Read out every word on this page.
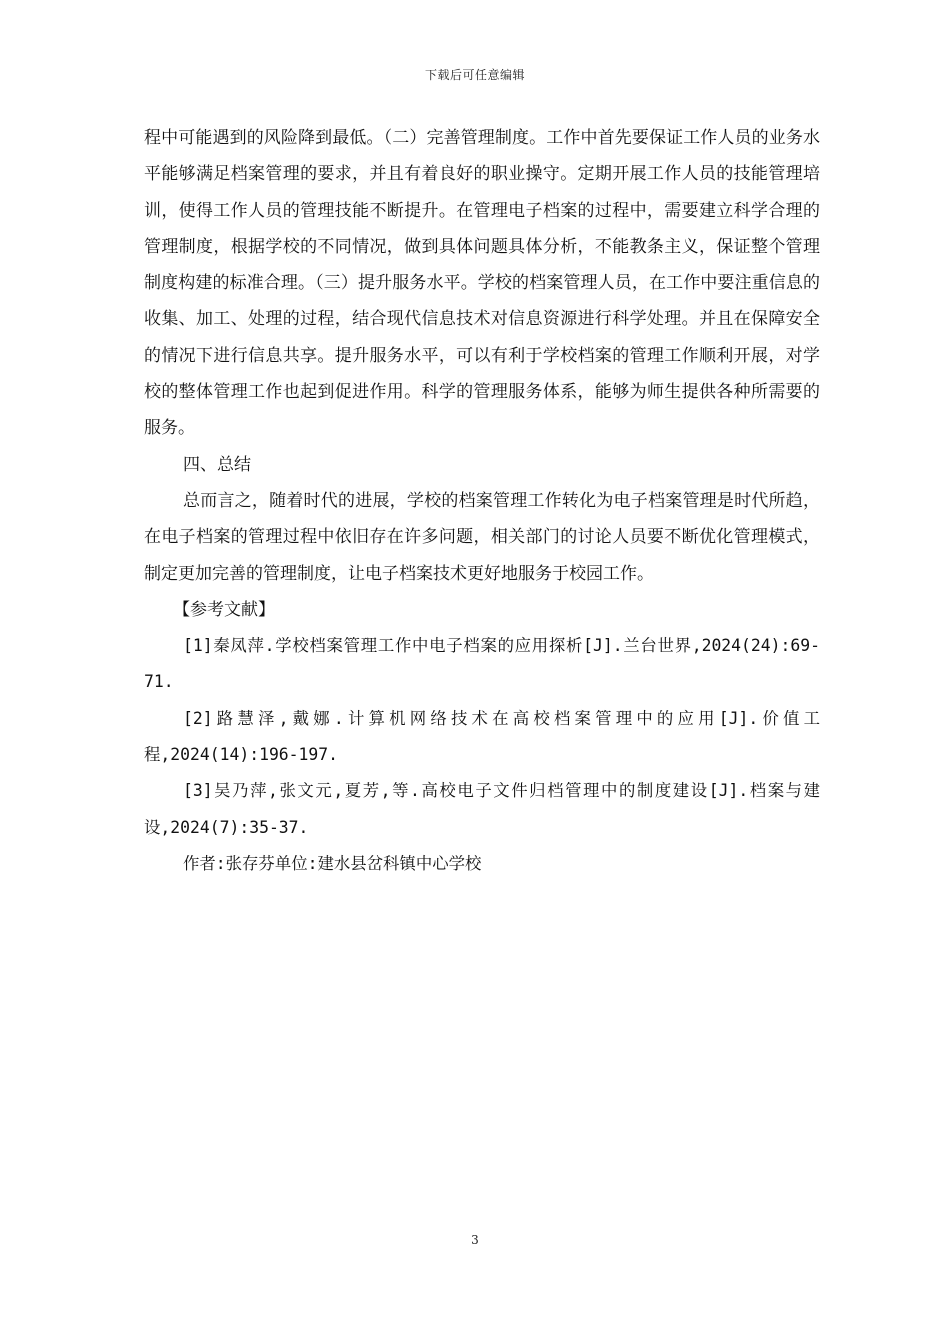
下载后可任意编辑

程中可能遇到的风险降到最低。（二）完善管理制度。工作中首先要保证工作人员的业务水平能够满足档案管理的要求，并且有着良好的职业操守。定期开展工作人员的技能管理培训，使得工作人员的管理技能不断提升。在管理电子档案的过程中，需要建立科学合理的管理制度，根据学校的不同情况，做到具体问题具体分析，不能教条主义，保证整个管理制度构建的标准合理。（三）提升服务水平。学校的档案管理人员，在工作中要注重信息的收集、加工、处理的过程，结合现代信息技术对信息资源进行科学处理。并且在保障安全的情况下进行信息共享。提升服务水平，可以有利于学校档案的管理工作顺利开展，对学校的整体管理工作也起到促进作用。科学的管理服务体系，能够为师生提供各种所需要的服务。

四、总结

总而言之，随着时代的进展，学校的档案管理工作转化为电子档案管理是时代所趋，在电子档案的管理过程中依旧存在许多问题，相关部门的讨论人员要不断优化管理模式，制定更加完善的管理制度，让电子档案技术更好地服务于校园工作。

【参考文献】

[1]秦凤萍.学校档案管理工作中电子档案的应用探析[J].兰台世界,2024(24):69-71.

[2]路慧泽,戴娜.计算机网络技术在高校档案管理中的应用[J].价值工程,2024(14):196-197.

[3]吴乃萍,张文元,夏芳,等.高校电子文件归档管理中的制度建设[J].档案与建设,2024(7):35-37.

作者:张存芬单位:建水县岔科镇中心学校

3
